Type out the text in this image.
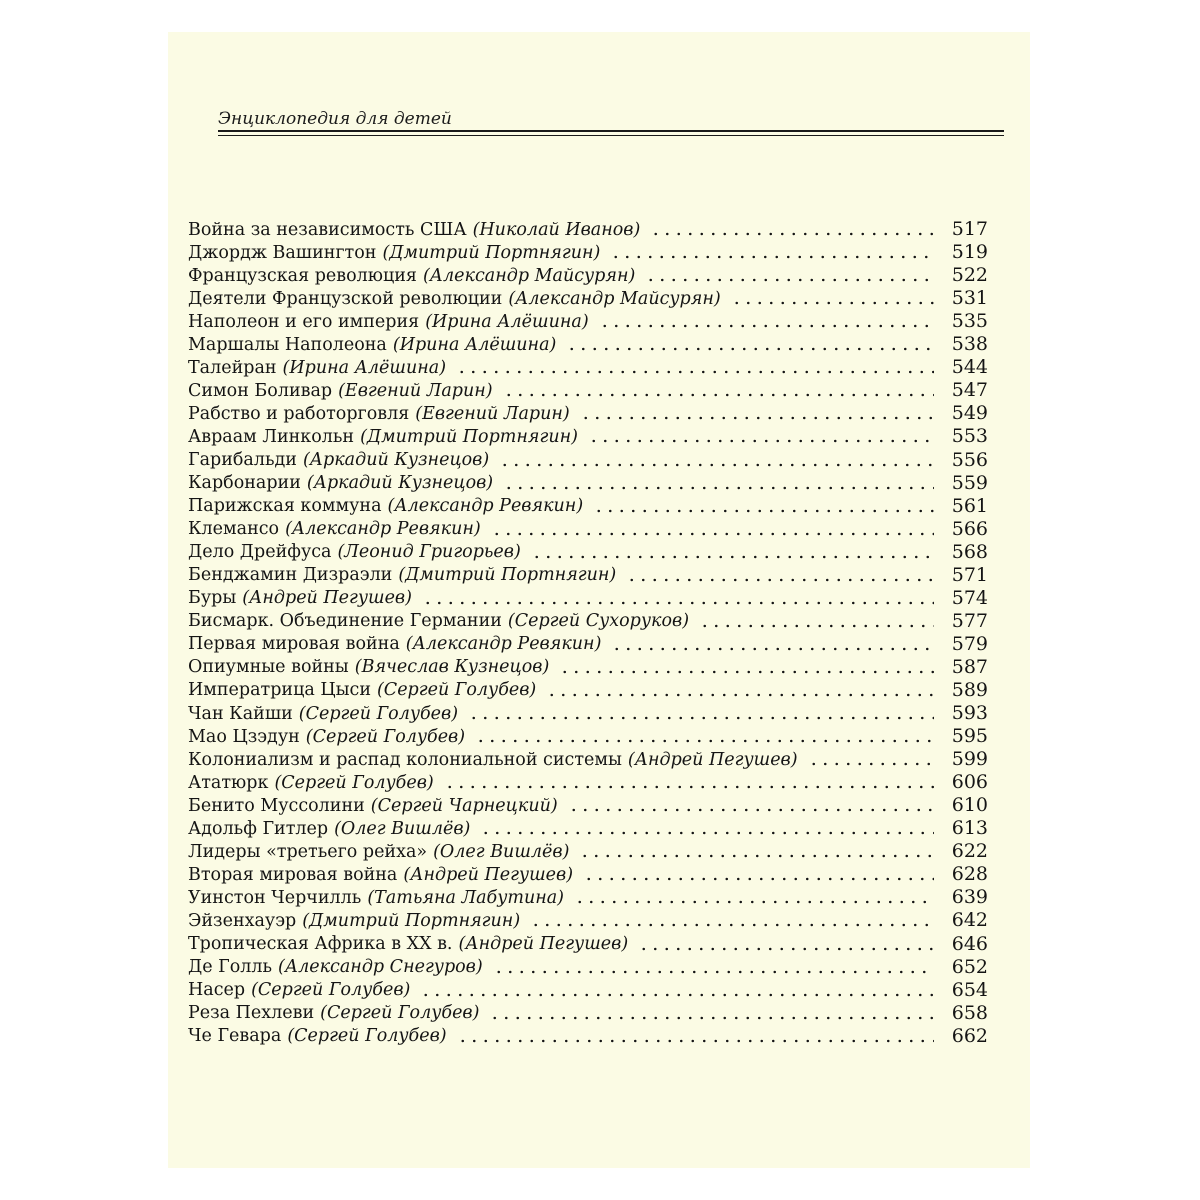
Энциклопедия для детей
Война за независимость США (Николай Иванов)	517
Джордж Вашингтон (Дмитрий Портнягин)	519
Французская революция (Александр Майсурян)	522
Деятели Французской революции (Александр Майсурян)	531
Наполеон и его империя (Ирина Алёшина)	535
Маршалы Наполеона (Ирина Алёшина)	538
Талейран (Ирина Алёшина)	544
Симон Боливар (Евгений Ларин)	547
Рабство и работорговля (Евгений Ларин)	549
Авраам Линкольн (Дмитрий Портнягин)	553
Гарибальди (Аркадий Кузнецов)	556
Карбонарии (Аркадий Кузнецов)	559
Парижская коммуна (Александр Ревякин)	561
Клемансо (Александр Ревякин)	566
Дело Дрейфуса (Леонид Григорьев)	568
Бенджамин Дизраэли (Дмитрий Портнягин)	571
Буры (Андрей Пегушев)	574
Бисмарк. Объединение Германии (Сергей Сухоруков)	577
Первая мировая война (Александр Ревякин)	579
Опиумные войны (Вячеслав Кузнецов)	587
Императрица Цыси (Сергей Голубев)	589
Чан Кайши (Сергей Голубев)	593
Мао Цзэдун (Сергей Голубев)	595
Колониализм и распад колониальной системы (Андрей Пегушев)	599
Ататюрк (Сергей Голубев)	606
Бенито Муссолини (Сергей Чарнецкий)	610
Адольф Гитлер (Олег Вишлёв)	613
Лидеры «третьего рейха» (Олег Вишлёв)	622
Вторая мировая война (Андрей Пегушев)	628
Уинстон Черчилль (Татьяна Лабутина)	639
Эйзенхауэр (Дмитрий Портнягин)	642
Тропическая Африка в XX в. (Андрей Пегушев)	646
Де Голль (Александр Снегуров)	652
Насер (Сергей Голубев)	654
Реза Пехлеви (Сергей Голубев)	658
Че Гевара (Сергей Голубев)	662
